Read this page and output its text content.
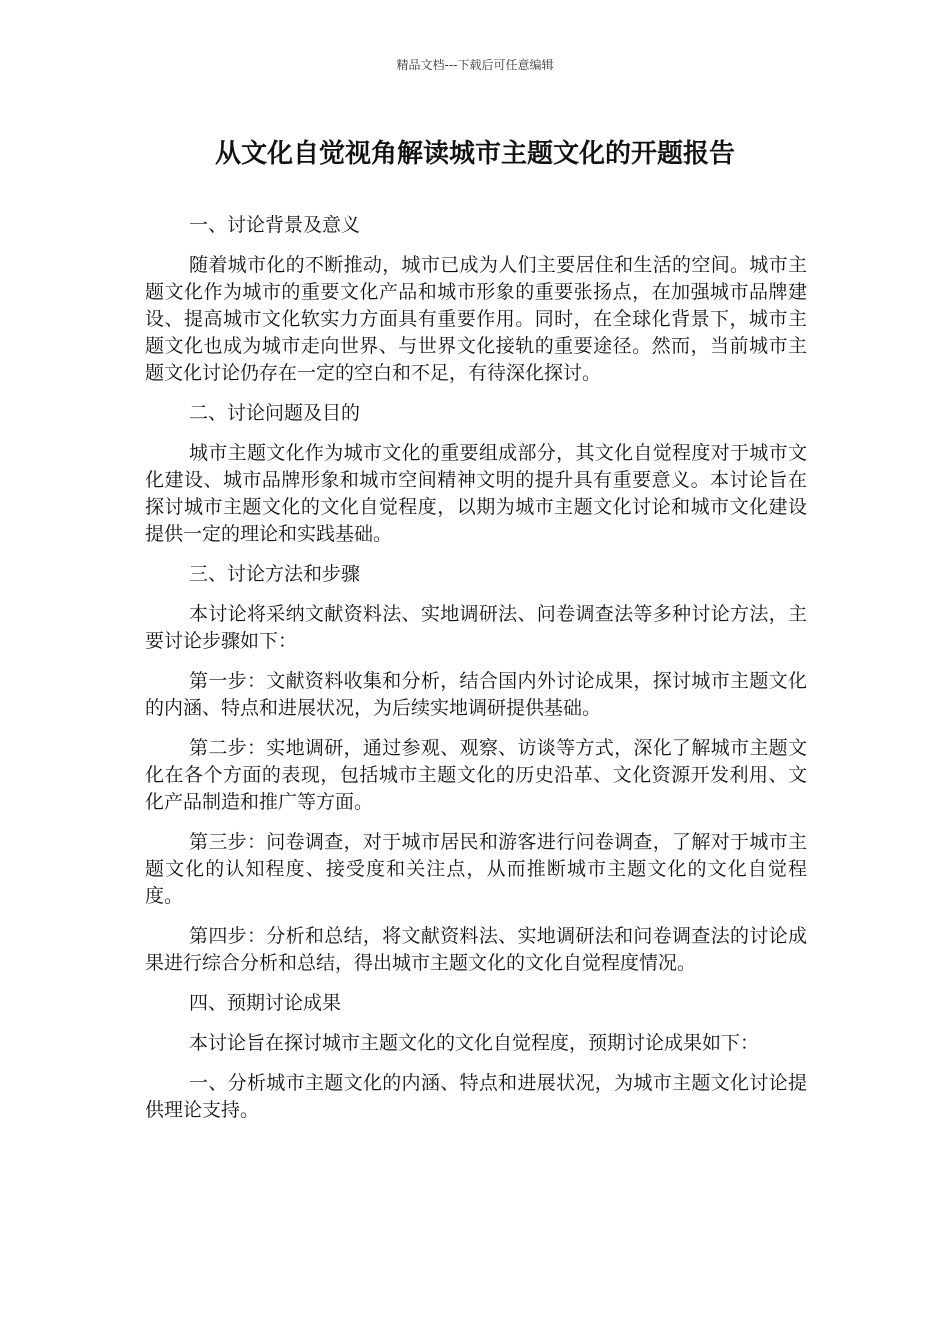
精品文档---下载后可任意编辑
从文化自觉视角解读城市主题文化的开题报告

一、讨论背景及意义

随着城市化的不断推动，城市已成为人们主要居住和生活的空间。城市主题文化作为城市的重要文化产品和城市形象的重要张扬点，在加强城市品牌建设、提高城市文化软实力方面具有重要作用。同时，在全球化背景下，城市主题文化也成为城市走向世界、与世界文化接轨的重要途径。然而，当前城市主题文化讨论仍存在一定的空白和不足，有待深化探讨。

二、讨论问题及目的

城市主题文化作为城市文化的重要组成部分，其文化自觉程度对于城市文化建设、城市品牌形象和城市空间精神文明的提升具有重要意义。本讨论旨在探讨城市主题文化的文化自觉程度，以期为城市主题文化讨论和城市文化建设提供一定的理论和实践基础。

三、讨论方法和步骤

本讨论将采纳文献资料法、实地调研法、问卷调查法等多种讨论方法，主要讨论步骤如下：

第一步：文献资料收集和分析，结合国内外讨论成果，探讨城市主题文化的内涵、特点和进展状况，为后续实地调研提供基础。

第二步：实地调研，通过参观、观察、访谈等方式，深化了解城市主题文化在各个方面的表现，包括城市主题文化的历史沿革、文化资源开发利用、文化产品制造和推广等方面。

第三步：问卷调查，对于城市居民和游客进行问卷调查，了解对于城市主题文化的认知程度、接受度和关注点，从而推断城市主题文化的文化自觉程度。

第四步：分析和总结，将文献资料法、实地调研法和问卷调查法的讨论成果进行综合分析和总结，得出城市主题文化的文化自觉程度情况。

四、预期讨论成果

本讨论旨在探讨城市主题文化的文化自觉程度，预期讨论成果如下：

一、分析城市主题文化的内涵、特点和进展状况，为城市主题文化讨论提供理论支持。
